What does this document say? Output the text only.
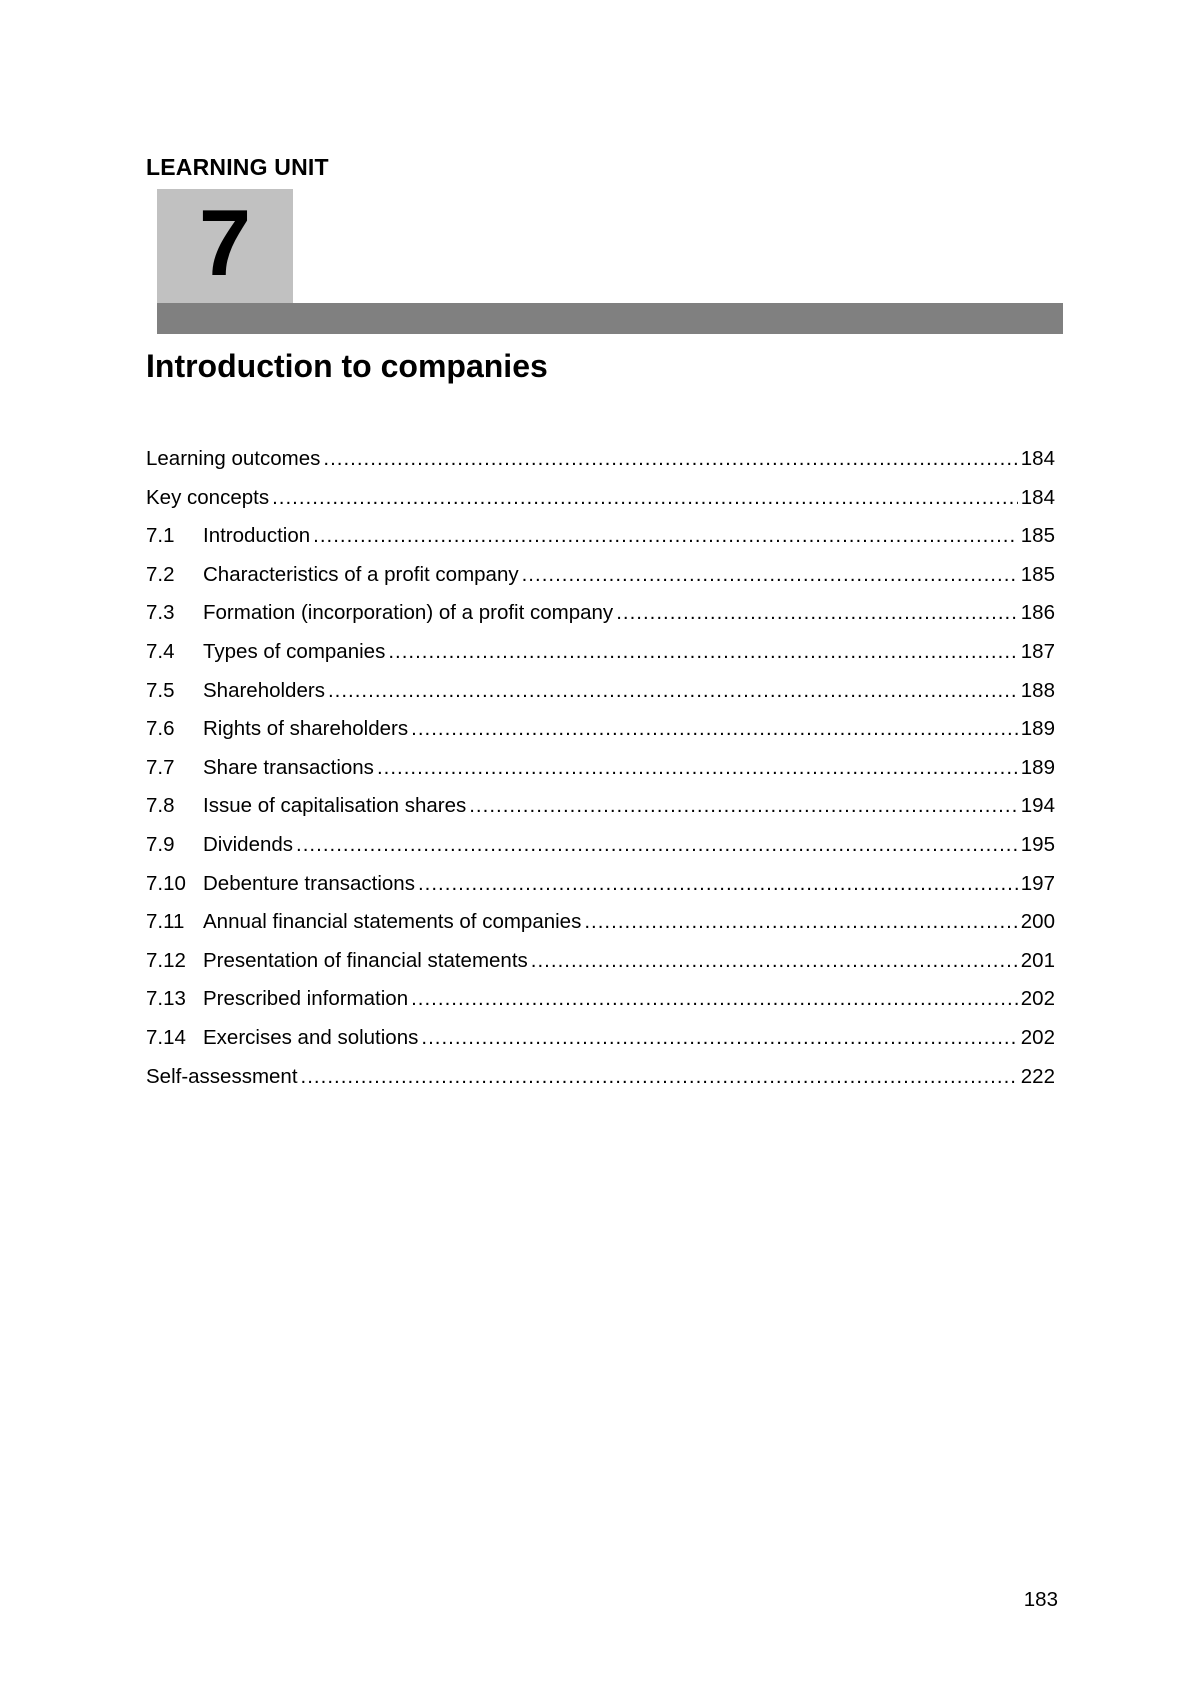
LEARNING UNIT
7
Introduction to companies
Learning outcomes .....	184
Key concepts .....	184
7.1	Introduction .....	185
7.2	Characteristics of a profit company .....	185
7.3	Formation (incorporation) of a profit company .....	186
7.4	Types of companies .....	187
7.5	Shareholders .....	188
7.6	Rights of shareholders .....	189
7.7	Share transactions .....	189
7.8	Issue of capitalisation shares .....	194
7.9	Dividends .....	195
7.10 Debenture transactions .....	197
7.11 Annual financial statements of companies .....	200
7.12 Presentation of financial statements .....	201
7.13 Prescribed information .....	202
7.14 Exercises and solutions .....	202
Self-assessment .....	222
183
